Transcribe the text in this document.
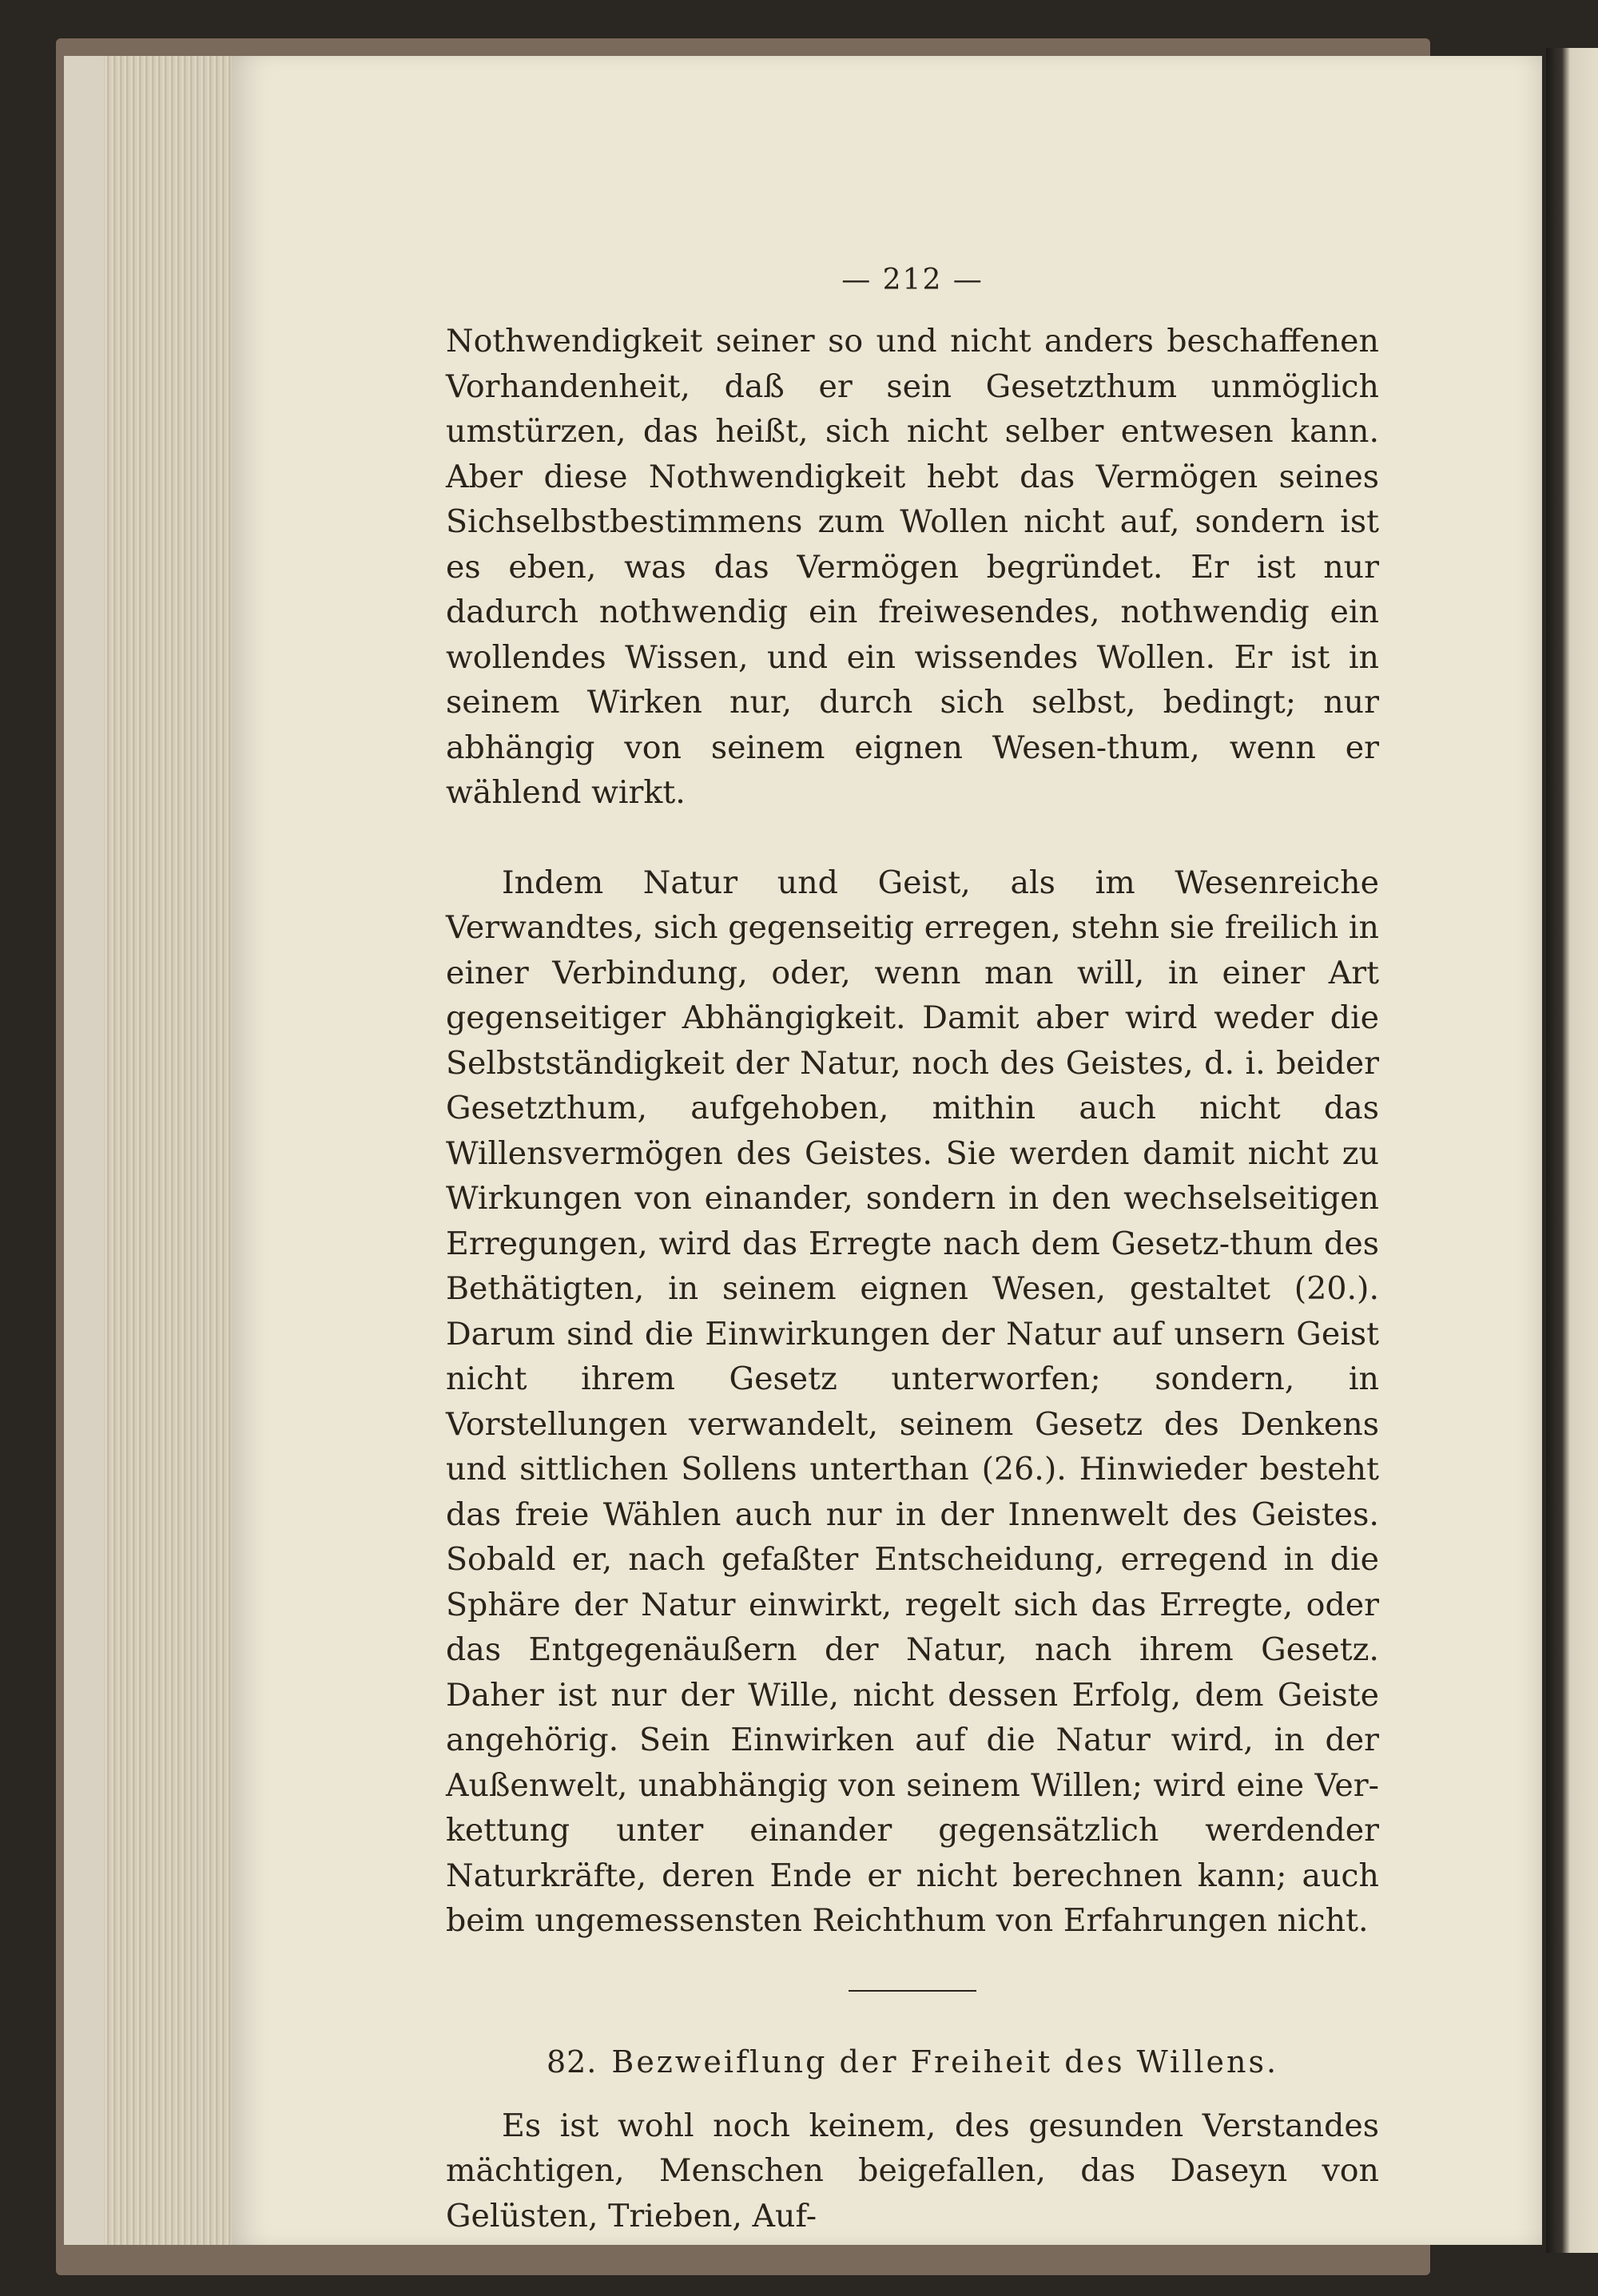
— 212 —

Nothwendigkeit seiner so und nicht anders beschaffenen Vorhandenheit, daß er sein Gesetzthum unmöglich umstürzen, das heißt, sich nicht selber entwesen kann. Aber diese Nothwendigkeit hebt das Vermögen seines Sichselbstbestimmens zum Wollen nicht auf, sondern ist es eben, was das Vermögen begründet. Er ist nur dadurch nothwendig ein freiwesendes, nothwendig ein wollendes Wissen, und ein wissendes Wollen. Er ist in seinem Wirken nur, durch sich selbst, bedingt; nur abhängig von seinem eignen Wesen-thum, wenn er wählend wirkt.

Indem Natur und Geist, als im Wesenreiche Verwandtes, sich gegenseitig erregen, stehn sie freilich in einer Verbindung, oder, wenn man will, in einer Art gegenseitiger Abhängigkeit. Damit aber wird weder die Selbstständigkeit der Natur, noch des Geistes, d. i. beider Gesetzthum, aufgehoben, mithin auch nicht das Willensvermögen des Geistes. Sie werden damit nicht zu Wirkungen von einander, sondern in den wechselseitigen Erregungen, wird das Erregte nach dem Gesetz-thum des Bethätigten, in seinem eignen Wesen, gestaltet (20.). Darum sind die Einwirkungen der Natur auf unsern Geist nicht ihrem Gesetz unterworfen; sondern, in Vorstellungen verwandelt, seinem Gesetz des Denkens und sittlichen Sollens unterthan (26.). Hinwieder besteht das freie Wählen auch nur in der Innenwelt des Geistes. Sobald er, nach gefaßter Entscheidung, erregend in die Sphäre der Natur einwirkt, regelt sich das Erregte, oder das Entgegenäußern der Natur, nach ihrem Gesetz. Daher ist nur der Wille, nicht dessen Erfolg, dem Geiste angehörig. Sein Einwirken auf die Natur wird, in der Außenwelt, unabhängig von seinem Willen; wird eine Ver-kettung unter einander gegensätzlich werdender Naturkräfte, deren Ende er nicht berechnen kann; auch beim ungemessensten Reichthum von Erfahrungen nicht.

82. Bezweiflung der Freiheit des Willens.

Es ist wohl noch keinem, des gesunden Verstandes mächtigen, Menschen beigefallen, das Daseyn von Gelüsten, Trieben, Auf-
